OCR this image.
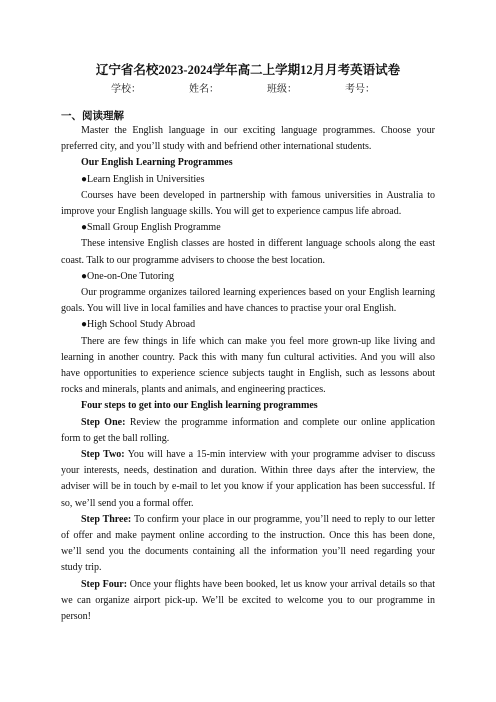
辽宁省名校2023-2024学年高二上学期12月月考英语试卷
学校：	姓名：	班级：	考号：
一、阅读理解

Master the English language in our exciting language programmes. Choose your preferred city, and you’ll study with and befriend other international students.

Our English Learning Programmes

●Learn English in Universities

Courses have been developed in partnership with famous universities in Australia to improve your English language skills. You will get to experience campus life abroad.

●Small Group English Programme

These intensive English classes are hosted in different language schools along the east coast. Talk to our programme advisers to choose the best location.

●One-on-One Tutoring

Our programme organizes tailored learning experiences based on your English learning goals. You will live in local families and have chances to practise your oral English.

●High School Study Abroad

There are few things in life which can make you feel more grown-up like living and learning in another country. Pack this with many fun cultural activities. And you will also have opportunities to experience science subjects taught in English, such as lessons about rocks and minerals, plants and animals, and engineering practices.

Four steps to get into our English learning programmes

Step One: Review the programme information and complete our online application form to get the ball rolling.

Step Two: You will have a 15-min interview with your programme adviser to discuss your interests, needs, destination and duration. Within three days after the interview, the adviser will be in touch by e-mail to let you know if your application has been successful. If so, we’ll send you a formal offer.

Step Three: To confirm your place in our programme, you’ll need to reply to our letter of offer and make payment online according to the instruction. Once this has been done, we’ll send you the documents containing all the information you’ll need regarding your study trip.

Step Four: Once your flights have been booked, let us know your arrival details so that we can organize airport pick-up. We’ll be excited to welcome you to our programme in person!
